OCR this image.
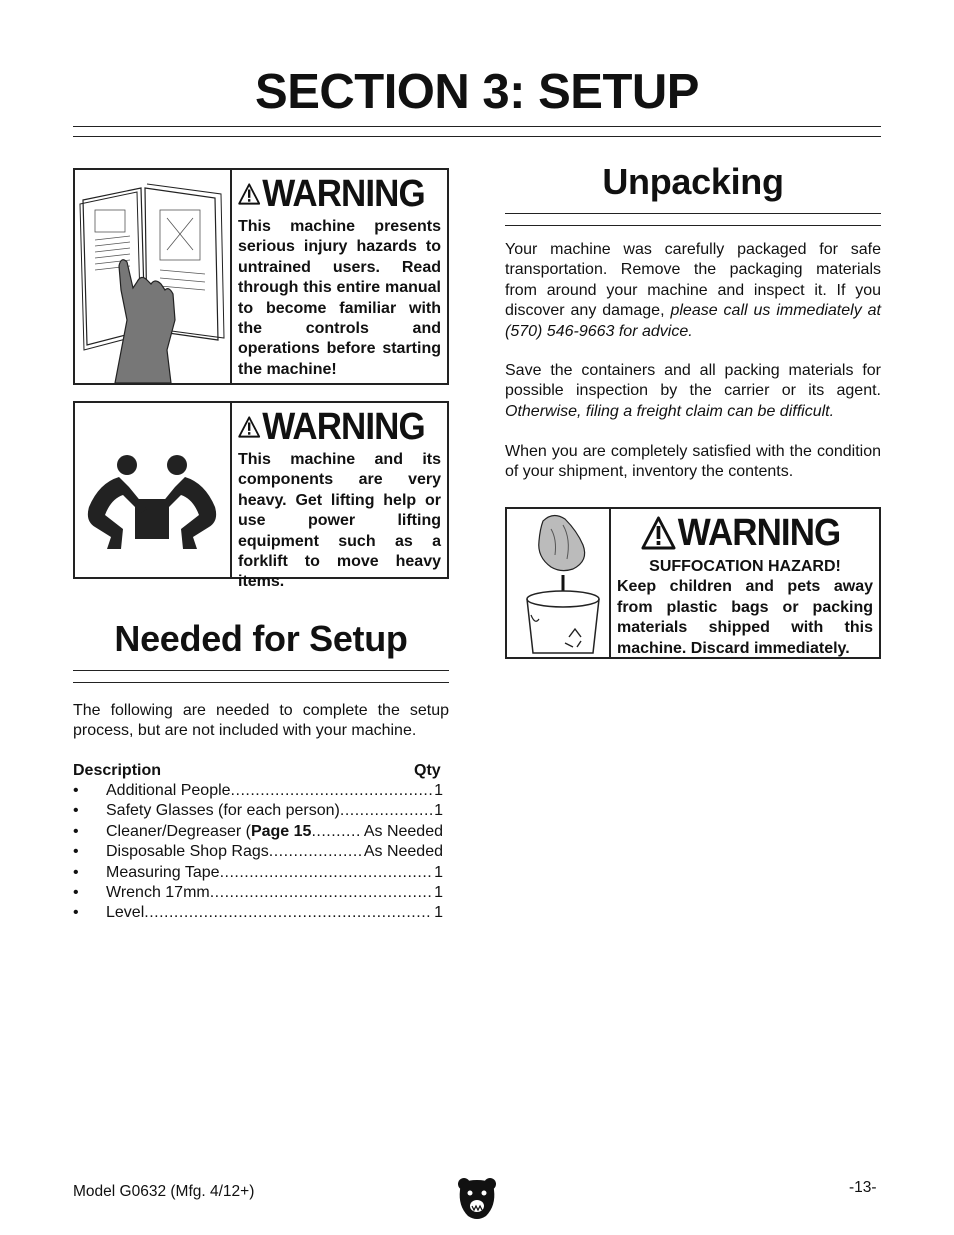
SECTION 3: SETUP
WARNING
This machine presents serious injury hazards to untrained users. Read through this entire manual to become familiar with the controls and operations before starting the machine!
WARNING
This machine and its components are very heavy. Get lifting help or use power lifting equipment such as a forklift to move heavy items.
Needed for Setup

The following are needed to complete the setup process, but are not included with your machine.

Description	Qty
•	Additional People .....	1
•	Safety Glasses (for each person) .....	1
•	Cleaner/Degreaser ( Page 15 .....	As Needed
•	Disposable Shop Rags .....	As Needed
•	Measuring Tape .....	1
•	Wrench 17mm .....	1
•	Level .....	1
Unpacking

Your machine was carefully packaged for safe transportation. Remove the packaging materials from around your machine and inspect it. If you discover any damage, please call us immediately at (570) 546-9663 for advice.

Save the containers and all packing materials for possible inspection by the carrier or its agent. Otherwise, filing a freight claim can be difficult.

When you are completely satisfied with the condition of your shipment, inventory the contents.

WARNING
SUFFOCATION HAZARD!
Keep children and pets away from plastic bags or packing materials shipped with this machine. Discard immediately.
Model G0632 (Mfg. 4/12+)	-13-
